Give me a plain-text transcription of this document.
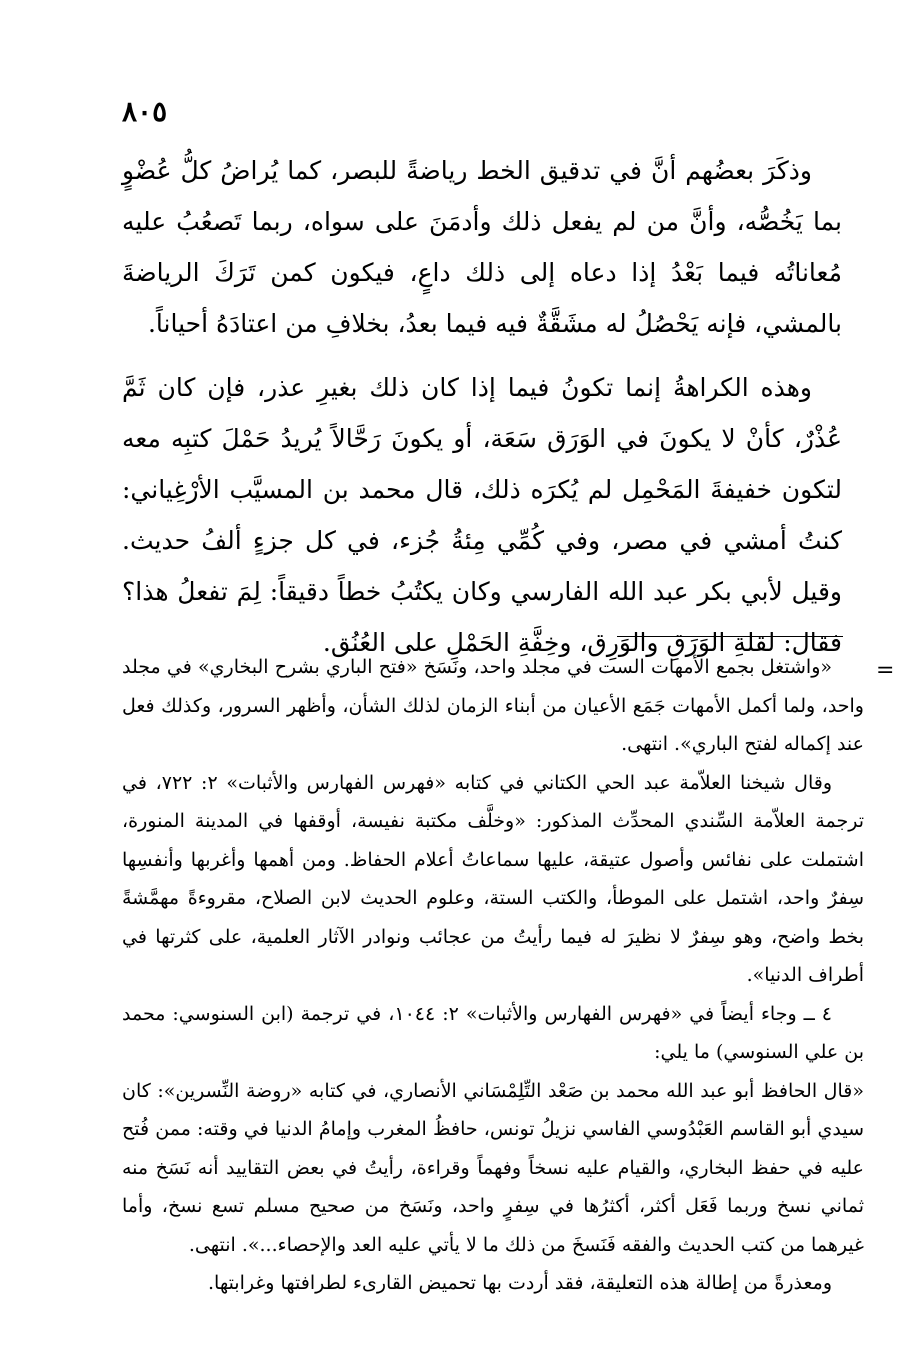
٨٠٥

وذكَرَ بعضُهم أنَّ في تدقيق الخط رياضةً للبصر، كما يُراضُ كلُّ عُضْوٍ بما يَخُصُّه، وأنَّ من لم يفعل ذلك وأدمَنَ على سواه، ربما تَصعُبُ عليه مُعاناتُه فيما بَعْدُ إذا دعاه إلى ذلك داعٍ، فيكون كمن تَرَكَ الرياضةَ بالمشي، فإنه يَحْصُلُ له مشَقَّةٌ فيه فيما بعدُ، بخلافِ من اعتادَهُ أحياناً.

وهذه الكراهةُ إنما تكونُ فيما إذا كان ذلك بغيرِ عذر، فإن كان ثَمَّ عُذْرٌ، كأنْ لا يكونَ في الوَرَق سَعَة، أو يكونَ رَحَّالاً يُريدُ حَمْلَ كتبِه معه لتكون خفيفةَ المَحْمِل لم يُكرَه ذلك، قال محمد بن المسيَّب الأرْغِياني: كنتُ أمشي في مصر، وفي كُمِّي مِئةُ جُزء، في كل جزءٍ ألفُ حديث. وقيل لأبي بكر عبد الله الفارسي وكان يكتُبُ خطاً دقيقاً: لِمَ تفعلُ هذا؟ فقال: لقلةِ الوَرَقِ والوَرِق، وخِفَّةِ الحَمْلِ على العُنُق.

=

«واشتغل بجمع الأمهات الست في مجلد واحد، ونَسَخ «فتح الباري بشرح البخاري» في مجلد واحد، ولما أكمل الأمهات جَمَع الأعيان من أبناء الزمان لذلك الشأن، وأظهر السرور، وكذلك فعل عند إكماله لفتح الباري». انتهى.

وقال شيخنا العلاّمة عبد الحي الكتاني في كتابه «فهرس الفهارس والأثبات» ٢: ٧٢٢، في ترجمة العلاّمة السِّندي المحدِّث المذكور: «وخلَّف مكتبة نفيسة، أوقفها في المدينة المنورة، اشتملت على نفائس وأصول عتيقة، عليها سماعاتُ أعلام الحفاظ. ومن أهمها وأغربها وأنفسِها سِفرٌ واحد، اشتمل على الموطأ، والكتب الستة، وعلوم الحديث لابن الصلاح، مقروءةً مهمَّشةً بخط واضح، وهو سِفرٌ لا نظيرَ له فيما رأيتُ من عجائب ونوادر الآثار العلمية، على كثرتها في أطراف الدنيا».

٤ ــ وجاء أيضاً في «فهرس الفهارس والأثبات» ٢: ١٠٤٤، في ترجمة (ابن السنوسي: محمد بن علي السنوسي) ما يلي:

«قال الحافظ أبو عبد الله محمد بن صَعْد التِّلِمْسَاني الأنصاري، في كتابه «روضة النِّسرين»: كان سيدي أبو القاسم العَبْدُوسي الفاسي نزيلُ تونس، حافظُ المغرب وإمامُ الدنيا في وقته: ممن فُتح عليه في حفظ البخاري، والقيام عليه نسخاً وفهماً وقراءة، رأيتُ في بعض التقاييد أنه نَسَخ منه ثماني نسخ وربما فَعَل أكثر، أكثرُها في سِفرٍ واحد، ونَسَخ من صحيح مسلم تسع نسخ، وأما غيرهما من كتب الحديث والفقه فَنَسخَ من ذلك ما لا يأتي عليه العد والإحصاء...». انتهى.

ومعذرةً من إطالة هذه التعليقة، فقد أردت بها تحميض القارىء لطرافتها وغرابتها.
